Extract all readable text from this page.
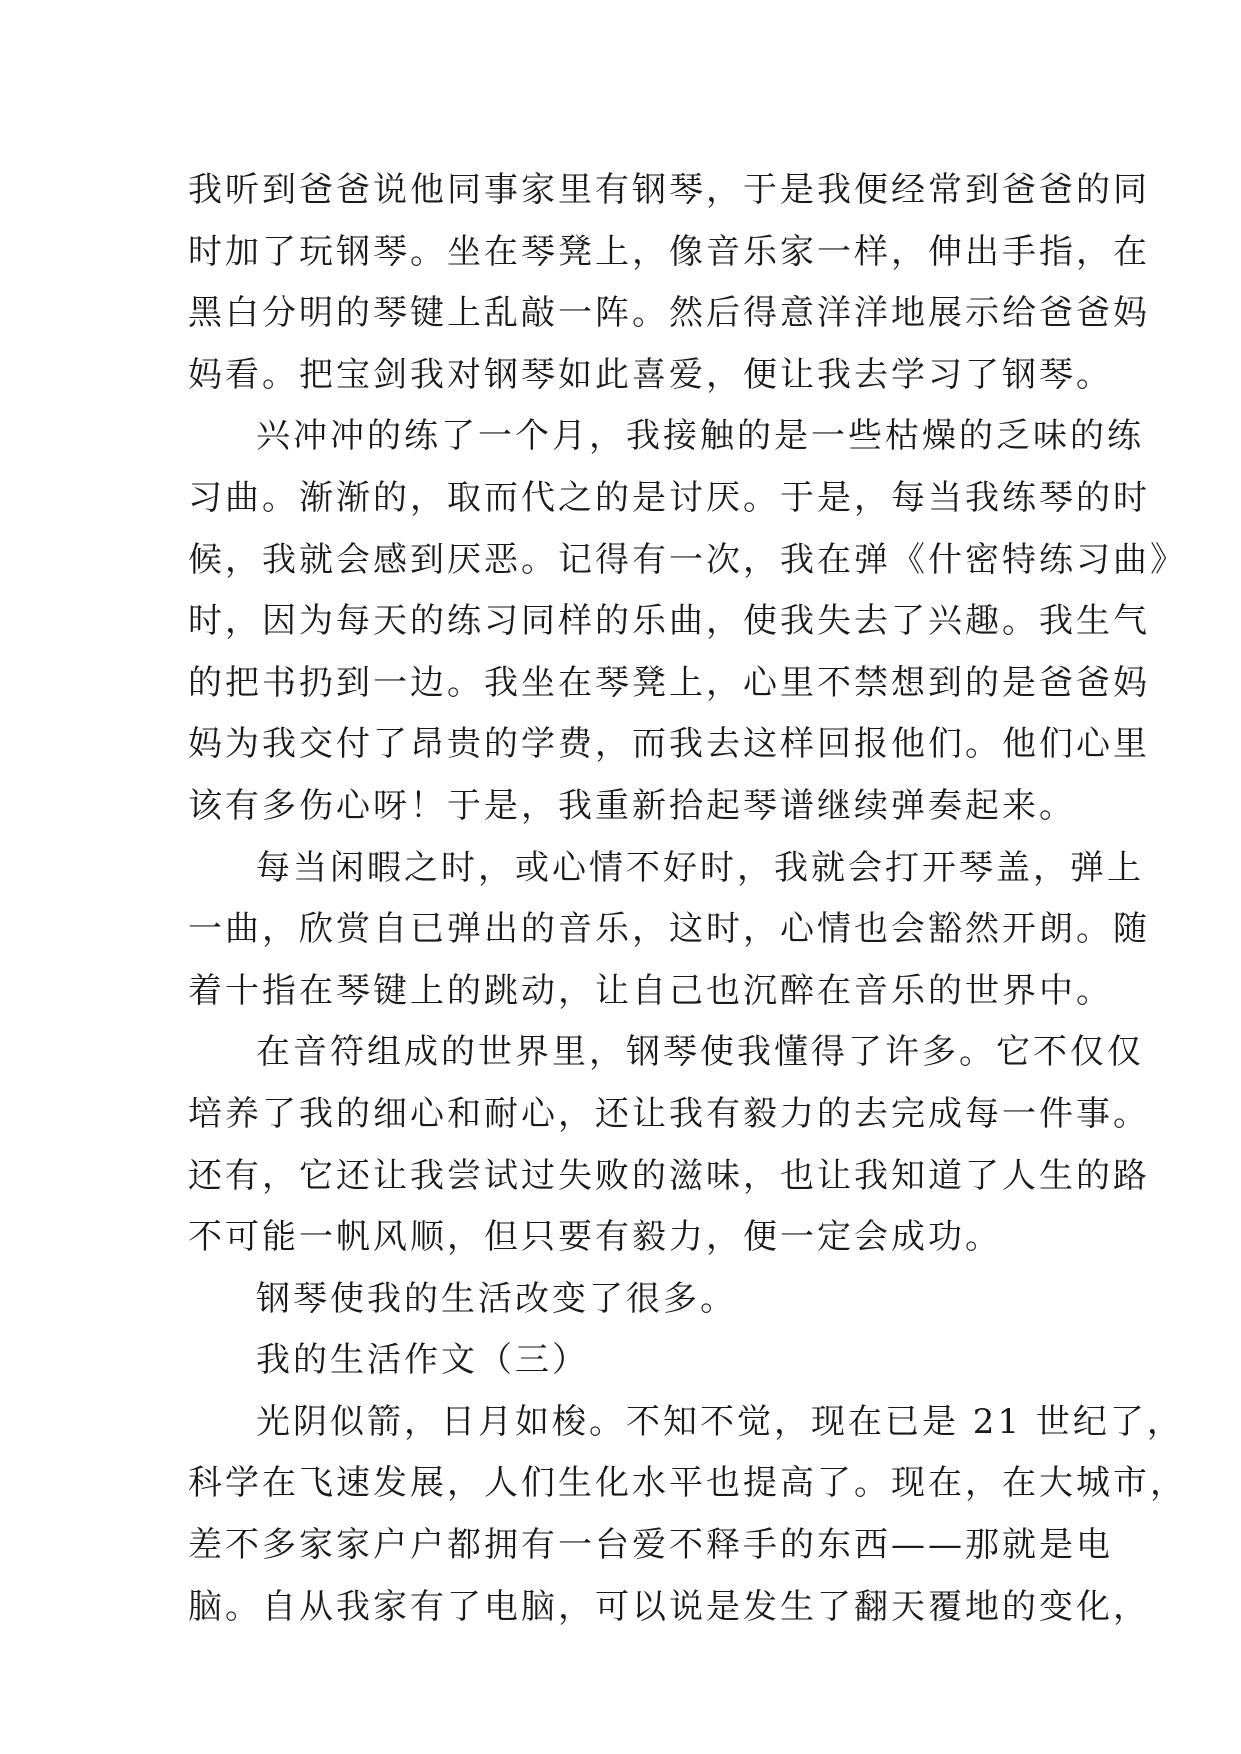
我听到爸爸说他同事家里有钢琴，于是我便经常到爸爸的同
时加了玩钢琴。坐在琴凳上，像音乐家一样，伸出手指，在
黑白分明的琴键上乱敲一阵。然后得意洋洋地展示给爸爸妈
妈看。把宝剑我对钢琴如此喜爱，便让我去学习了钢琴。
兴冲冲的练了一个月，我接触的是一些枯燥的乏味的练
习曲。渐渐的，取而代之的是讨厌。于是，每当我练琴的时
候，我就会感到厌恶。记得有一次，我在弹《什密特练习曲》
时，因为每天的练习同样的乐曲，使我失去了兴趣。我生气
的把书扔到一边。我坐在琴凳上，心里不禁想到的是爸爸妈
妈为我交付了昂贵的学费，而我去这样回报他们。他们心里
该有多伤心呀！于是，我重新拾起琴谱继续弹奏起来。
每当闲暇之时，或心情不好时，我就会打开琴盖，弹上
一曲，欣赏自已弹出的音乐，这时，心情也会豁然开朗。随
着十指在琴键上的跳动，让自己也沉醉在音乐的世界中。
在音符组成的世界里，钢琴使我懂得了许多。它不仅仅
培养了我的细心和耐心，还让我有毅力的去完成每一件事。
还有，它还让我尝试过失败的滋味，也让我知道了人生的路
不可能一帆风顺，但只要有毅力，便一定会成功。
钢琴使我的生活改变了很多。
我的生活作文（三）
光阴似箭，日月如梭。不知不觉，现在已是 21 世纪了，
科学在飞速发展，人们生化水平也提高了。现在，在大城市，
差不多家家户户都拥有一台爱不释手的东西——那就是电
脑。自从我家有了电脑，可以说是发生了翻天覆地的变化，
